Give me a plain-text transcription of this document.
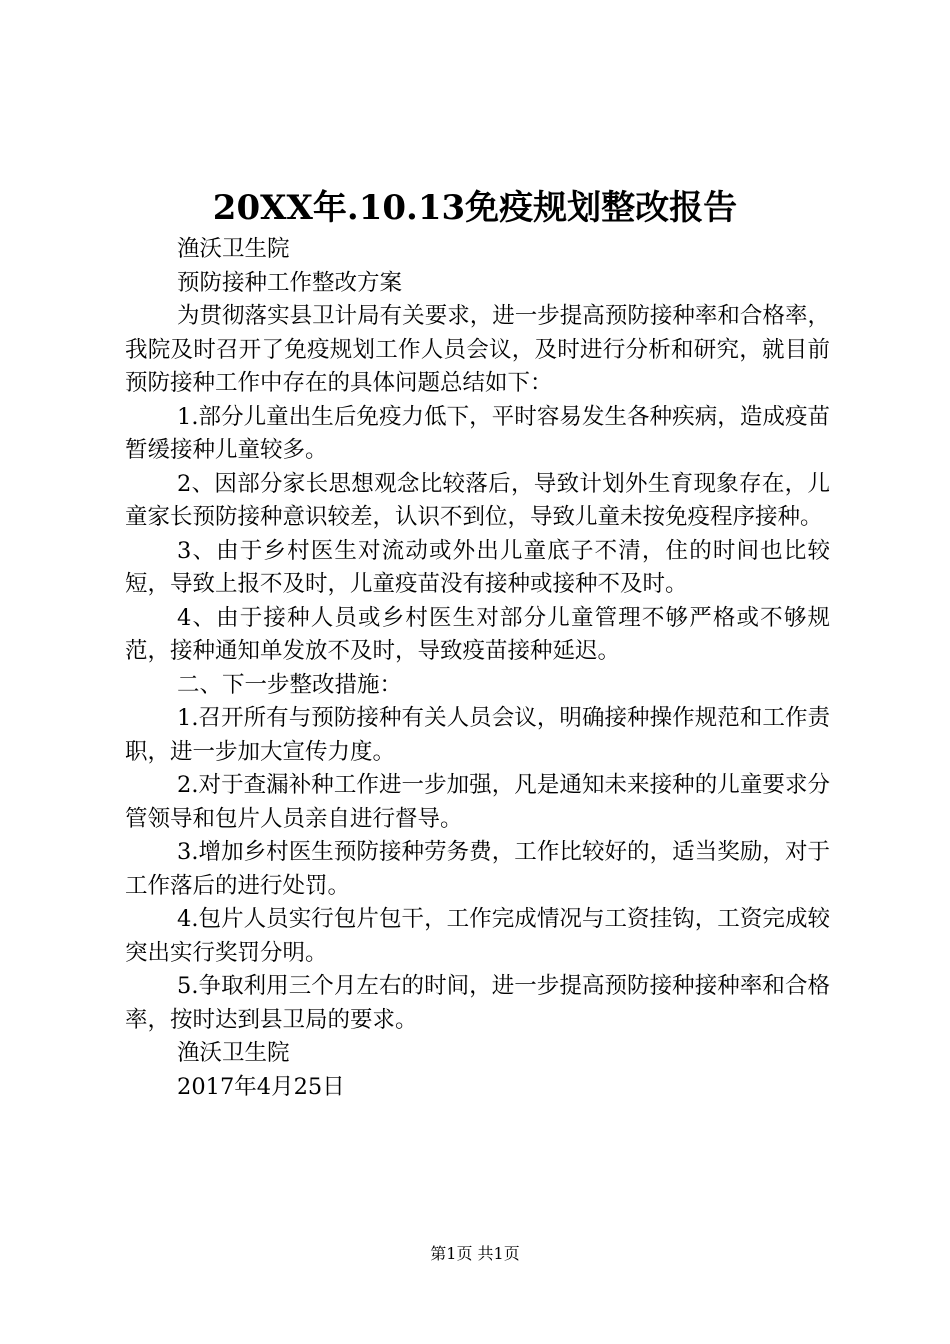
20XX年.10.13免疫规划整改报告

渔沃卫生院

预防接种工作整改方案

为贯彻落实县卫计局有关要求，进一步提高预防接种率和合格率，我院及时召开了免疫规划工作人员会议，及时进行分析和研究，就目前预防接种工作中存在的具体问题总结如下：

1.部分儿童出生后免疫力低下，平时容易发生各种疾病，造成疫苗暂缓接种儿童较多。

2、因部分家长思想观念比较落后，导致计划外生育现象存在，儿童家长预防接种意识较差，认识不到位，导致儿童未按免疫程序接种。

3、由于乡村医生对流动或外出儿童底子不清，住的时间也比较短，导致上报不及时，儿童疫苗没有接种或接种不及时。

4、由于接种人员或乡村医生对部分儿童管理不够严格或不够规范，接种通知单发放不及时，导致疫苗接种延迟。

二、下一步整改措施：

1.召开所有与预防接种有关人员会议，明确接种操作规范和工作责职，进一步加大宣传力度。

2.对于查漏补种工作进一步加强，凡是通知未来接种的儿童要求分管领导和包片人员亲自进行督导。

3.增加乡村医生预防接种劳务费，工作比较好的，适当奖励，对于工作落后的进行处罚。

4.包片人员实行包片包干，工作完成情况与工资挂钩，工资完成较突出实行奖罚分明。

5.争取利用三个月左右的时间，进一步提高预防接种接种率和合格率，按时达到县卫局的要求。

渔沃卫生院

2017年4月25日

第1页 共1页
